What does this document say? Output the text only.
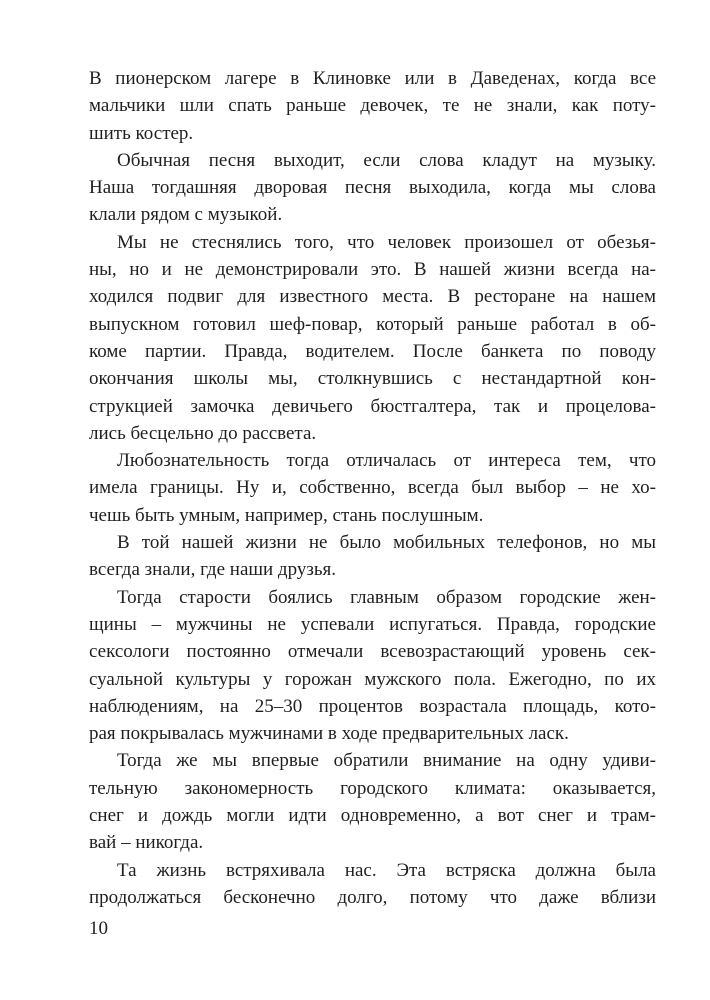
В пионерском лагере в Клиновке или в Даведенах, когда все
мальчики шли спать раньше девочек, те не знали, как поту-
шить костер.
Обычная песня выходит, если слова кладут на музыку.
Наша тогдашняя дворовая песня выходила, когда мы слова
клали рядом с музыкой.
Мы не стеснялись того, что человек произошел от обезья-
ны, но и не демонстрировали это. В нашей жизни всегда на-
ходился подвиг для известного места. В ресторане на нашем
выпускном готовил шеф-повар, который раньше работал в об-
коме партии. Правда, водителем. После банкета по поводу
окончания школы мы, столкнувшись с нестандартной кон-
струкцией замочка девичьего бюстгалтера, так и процелова-
лись бесцельно до рассвета.
Любознательность тогда отличалась от интереса тем, что
имела границы. Ну и, собственно, всегда был выбор – не хо-
чешь быть умным, например, стань послушным.
В той нашей жизни не было мобильных телефонов, но мы
всегда знали, где наши друзья.
Тогда старости боялись главным образом городские жен-
щины – мужчины не успевали испугаться. Правда, городские
сексологи постоянно отмечали всевозрастающий уровень сек-
суальной культуры у горожан мужского пола. Ежегодно, по их
наблюдениям, на 25–30 процентов возрастала площадь, кото-
рая покрывалась мужчинами в ходе предварительных ласк.
Тогда же мы впервые обратили внимание на одну удиви-
тельную закономерность городского климата: оказывается,
снег и дождь могли идти одновременно, а вот снег и трам-
вай – никогда.
Та жизнь встряхивала нас. Эта встряска должна была
продолжаться бесконечно долго, потому что даже вблизи
10
